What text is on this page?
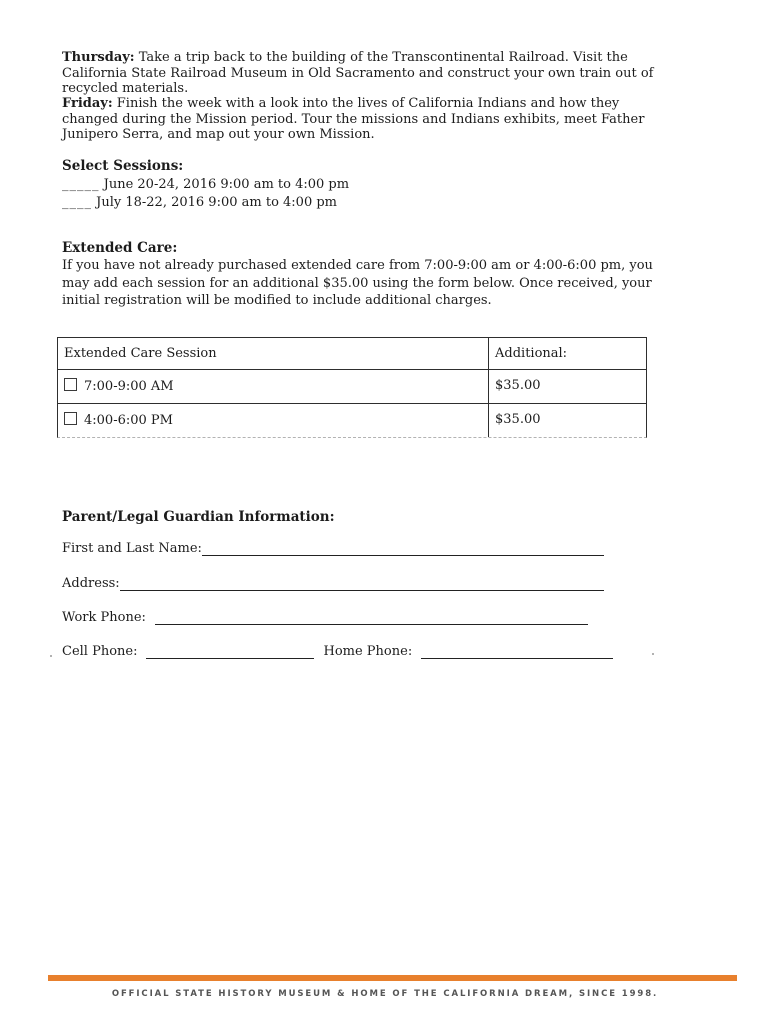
Thursday: Take a trip back to the building of the Transcontinental Railroad. Visit the California State Railroad Museum in Old Sacramento and construct your own train out of recycled materials.
Friday: Finish the week with a look into the lives of California Indians and how they changed during the Mission period. Tour the missions and Indians exhibits, meet Father Junipero Serra, and map out your own Mission.
Select Sessions:
_____ June 20-24, 2016 9:00 am to 4:00 pm
____ July 18-22, 2016 9:00 am to 4:00 pm
Extended Care:
If you have not already purchased extended care from 7:00-9:00 am or 4:00-6:00 pm, you may add each session for an additional $35.00 using the form below. Once received, your initial registration will be modified to include additional charges.
Extended Care Session	Additional:
7:00-9:00 AM	$35.00
4:00-6:00 PM	$35.00
Parent/Legal Guardian Information:
First and Last Name:
Address:
Work Phone:
Cell Phone:	Home Phone:
OFFICIAL STATE HISTORY MUSEUM & HOME OF THE CALIFORNIA DREAM, SINCE 1998.
